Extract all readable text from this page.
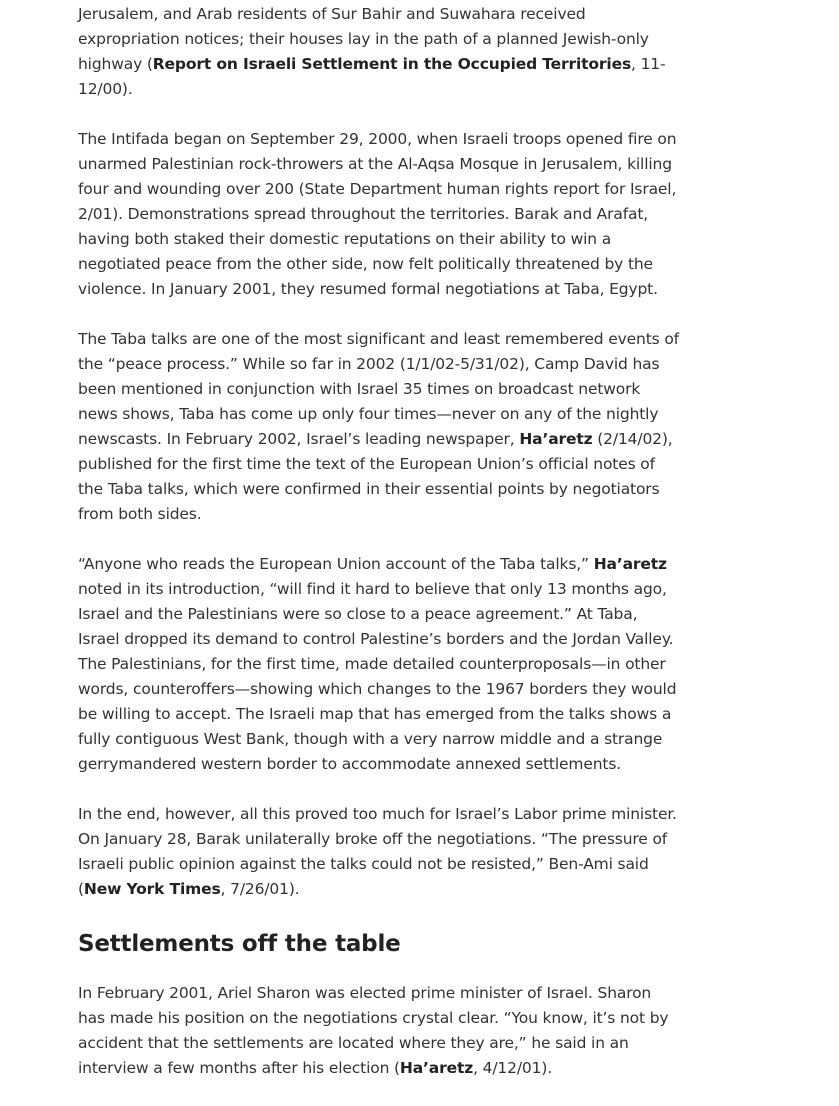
Jerusalem, and Arab residents of Sur Bahir and Suwahara received expropriation notices; their houses lay in the path of a planned Jewish-only highway (Report on Israeli Settlement in the Occupied Territories, 11-12/00).

The Intifada began on September 29, 2000, when Israeli troops opened fire on unarmed Palestinian rock-throwers at the Al-Aqsa Mosque in Jerusalem, killing four and wounding over 200 (State Department human rights report for Israel, 2/01). Demonstrations spread throughout the territories. Barak and Arafat, having both staked their domestic reputations on their ability to win a negotiated peace from the other side, now felt politically threatened by the violence. In January 2001, they resumed formal negotiations at Taba, Egypt.

The Taba talks are one of the most significant and least remembered events of the “peace process.” While so far in 2002 (1/1/02-5/31/02), Camp David has been mentioned in conjunction with Israel 35 times on broadcast network news shows, Taba has come up only four times—never on any of the nightly newscasts. In February 2002, Israel’s leading newspaper, Ha’aretz (2/14/02), published for the first time the text of the European Union’s official notes of the Taba talks, which were confirmed in their essential points by negotiators from both sides.

“Anyone who reads the European Union account of the Taba talks,” Ha’aretz noted in its introduction, “will find it hard to believe that only 13 months ago, Israel and the Palestinians were so close to a peace agreement.” At Taba, Israel dropped its demand to control Palestine’s borders and the Jordan Valley. The Palestinians, for the first time, made detailed counterproposals—in other words, counteroffers—showing which changes to the 1967 borders they would be willing to accept. The Israeli map that has emerged from the talks shows a fully contiguous West Bank, though with a very narrow middle and a strange gerrymandered western border to accommodate annexed settlements.

In the end, however, all this proved too much for Israel’s Labor prime minister. On January 28, Barak unilaterally broke off the negotiations. “The pressure of Israeli public opinion against the talks could not be resisted,” Ben-Ami said (New York Times, 7/26/01).

Settlements off the table

In February 2001, Ariel Sharon was elected prime minister of Israel. Sharon has made his position on the negotiations crystal clear. “You know, it’s not by accident that the settlements are located where they are,” he said in an interview a few months after his election (Ha’aretz, 4/12/01).
